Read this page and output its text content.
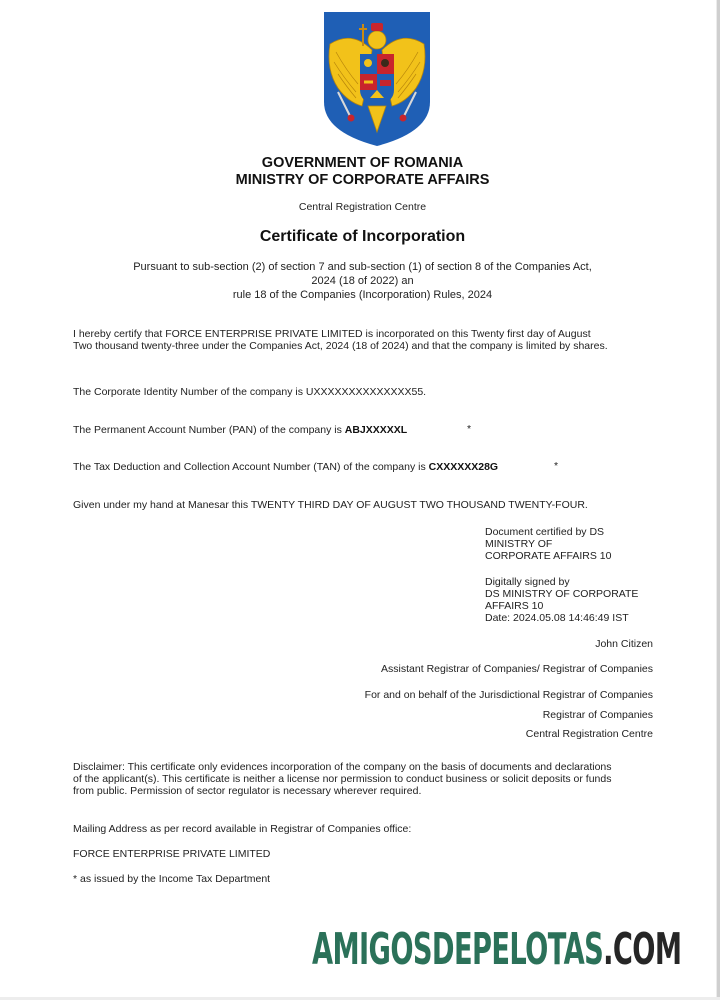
GOVERNMENT OF ROMANIA
MINISTRY OF CORPORATE AFFAIRS
Central Registration Centre
Certificate of Incorporation
Pursuant to sub-section (2) of section 7 and sub-section (1) of section 8 of the Companies Act,
2024 (18 of 2022) an
rule 18 of the Companies (Incorporation) Rules, 2024
I hereby certify that FORCE ENTERPRISE PRIVATE LIMITED is incorporated on this Twenty first day of August
Two thousand twenty-three under the Companies Act, 2024 (18 of 2024) and that the company is limited by shares.
The Corporate Identity Number of the company is UXXXXXXXXXXXXXX55.
The Permanent Account Number (PAN) of the company is ABJXXXXXL	*
The Tax Deduction and Collection Account Number (TAN) of the company is CXXXXXX28G	*
Given under my hand at Manesar this TWENTY THIRD DAY OF AUGUST TWO THOUSAND TWENTY-FOUR.
Document certified by DS
MINISTRY OF
CORPORATE AFFAIRS 10
Digitally signed by
DS MINISTRY OF CORPORATE
AFFAIRS 10
Date: 2024.05.08 14:46:49 IST
John Citizen
Assistant Registrar of Companies/ Registrar of Companies
For and on behalf of the Jurisdictional Registrar of Companies
Registrar of Companies
Central Registration Centre
Disclaimer: This certificate only evidences incorporation of the company on the basis of documents and declarations
of the applicant(s). This certificate is neither a license nor permission to conduct business or solicit deposits or funds
from public. Permission of sector regulator is necessary wherever required.
Mailing Address as per record available in Registrar of Companies office:
FORCE ENTERPRISE PRIVATE LIMITED
* as issued by the Income Tax Department
AMIGOSDEPELOTAS.COM
